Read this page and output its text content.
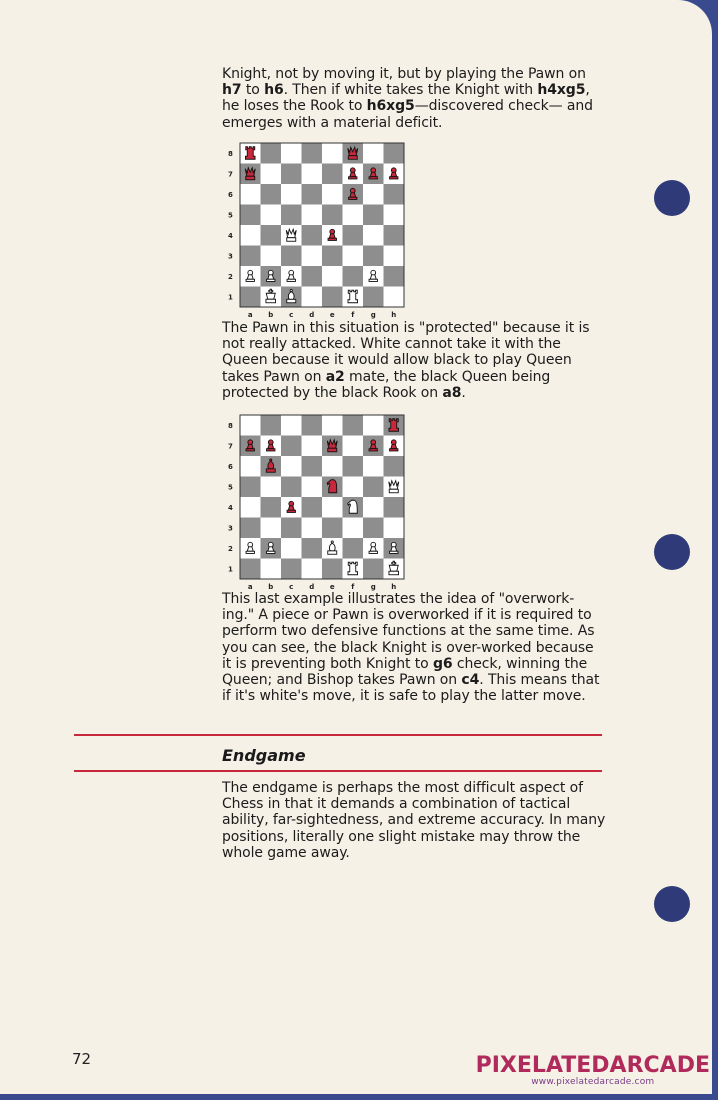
Knight, not by moving it, but by playing the Pawn on h7 to h6. Then if white takes the Knight with h4xg5, he loses the Rook to h6xg5—discovered check— and emerges with a material deficit.

8
7
6
5
4
3
2
1
a b c d e f g h

The Pawn in this situation is "protected" because it is not really attacked. White cannot take it with the Queen because it would allow black to play Queen takes Pawn on a2 mate, the black Queen being protected by the black Rook on a8.

8
7
6
5
4
3
2
1
a b c d e f g h

This last example illustrates the idea of "overwork-ing." A piece or Pawn is overworked if it is required to perform two defensive functions at the same time. As you can see, the black Knight is over-worked because it is preventing both Knight to g6 check, winning the Queen; and Bishop takes Pawn on c4. This means that if it's white's move, it is safe to play the latter move.

Endgame

The endgame is perhaps the most difficult aspect of Chess in that it demands a combination of tactical ability, far-sightedness, and extreme accuracy. In many positions, literally one slight mistake may throw the whole game away.

72	PIXELATEDARCADE
www.pixelatedarcade.com
